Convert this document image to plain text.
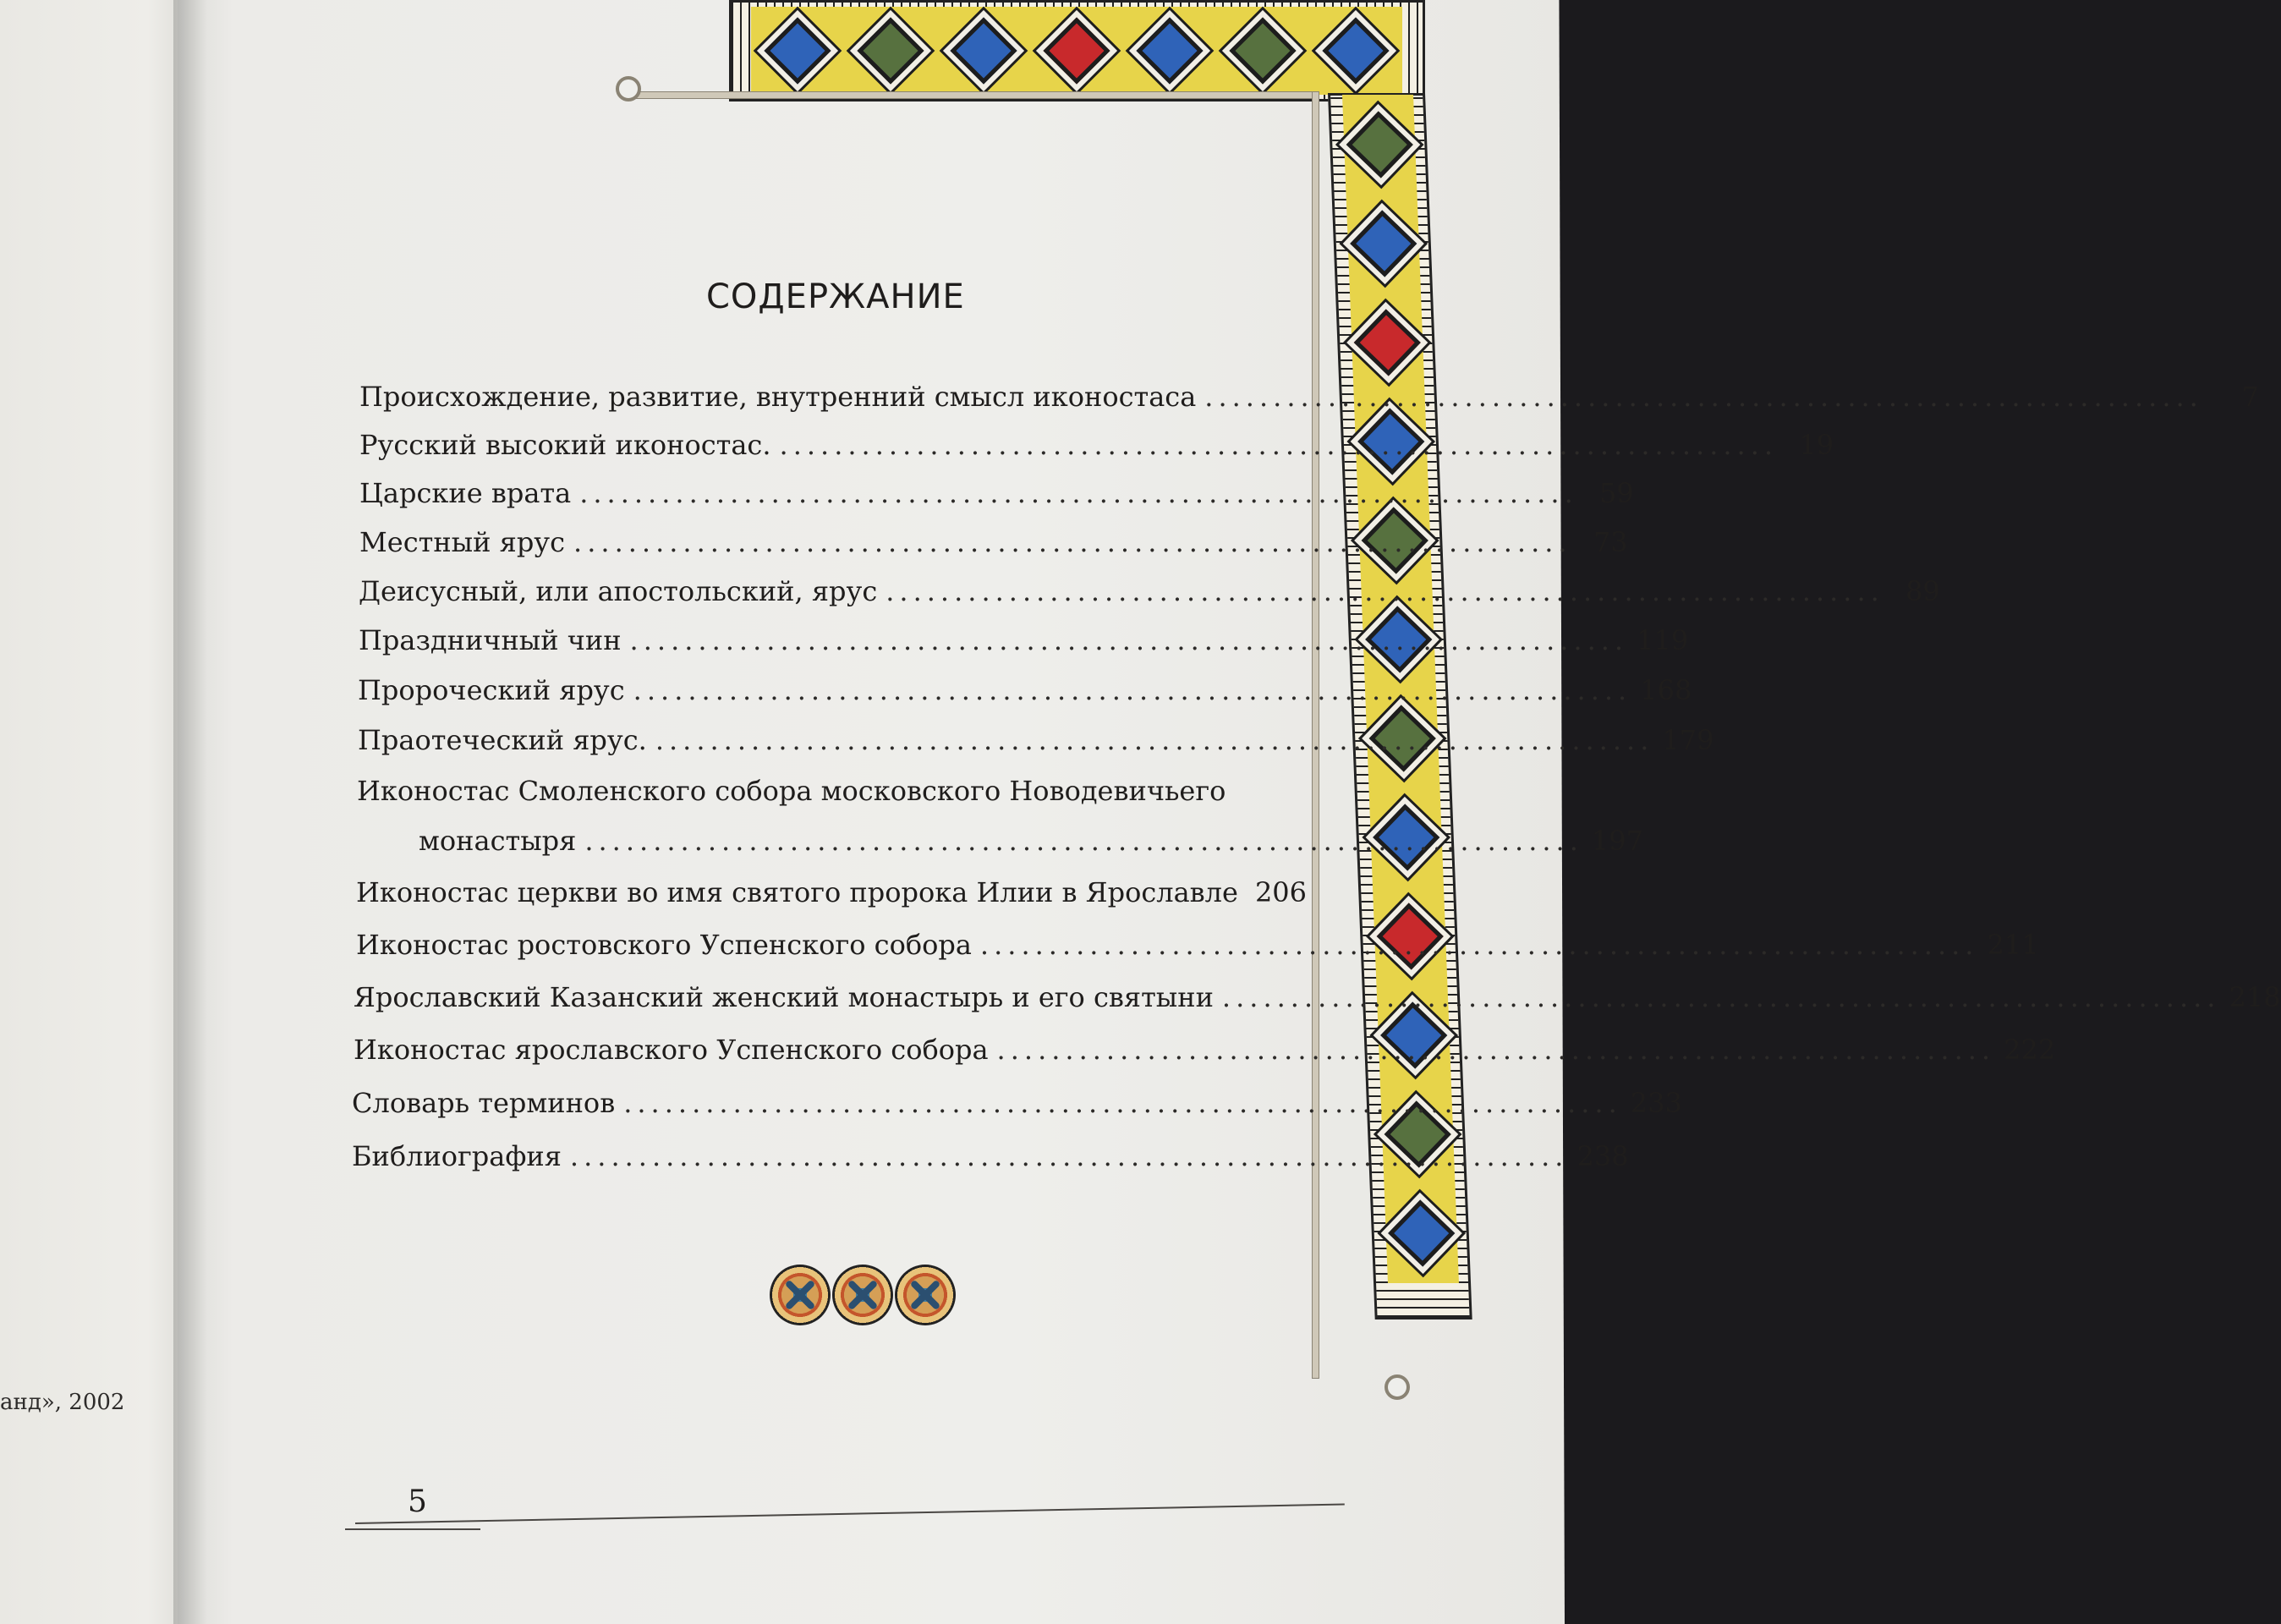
анд», 2002
СОДЕРЖАНИЕ
Происхождение, развитие, внутренний смысл иконостаса .........................................................................	7
Русский высокий иконостас. ......................................................................... 19
Царские врата ......................................................................... 59
Местный ярус ......................................................................... 73
Деисусный, или апостольский, ярус ......................................................................... 89
Праздничный чин ......................................................................... 119
Пророческий ярус ......................................................................... 168
Праотеческий ярус. ......................................................................... 179
Иконостас Смоленского собора московского Новодевичьего
монастыря ......................................................................... 197
Иконостас церкви во имя святого пророка Илии в Ярославле 206
Иконостас ростовского Успенского собора ......................................................................... 211
Ярославский Казанский женский монастырь и его святыни ......................................................................... 218
Иконостас ярославского Успенского собора ......................................................................... 222
Словарь терминов ......................................................................... 233
Библиография ......................................................................... 238
5
